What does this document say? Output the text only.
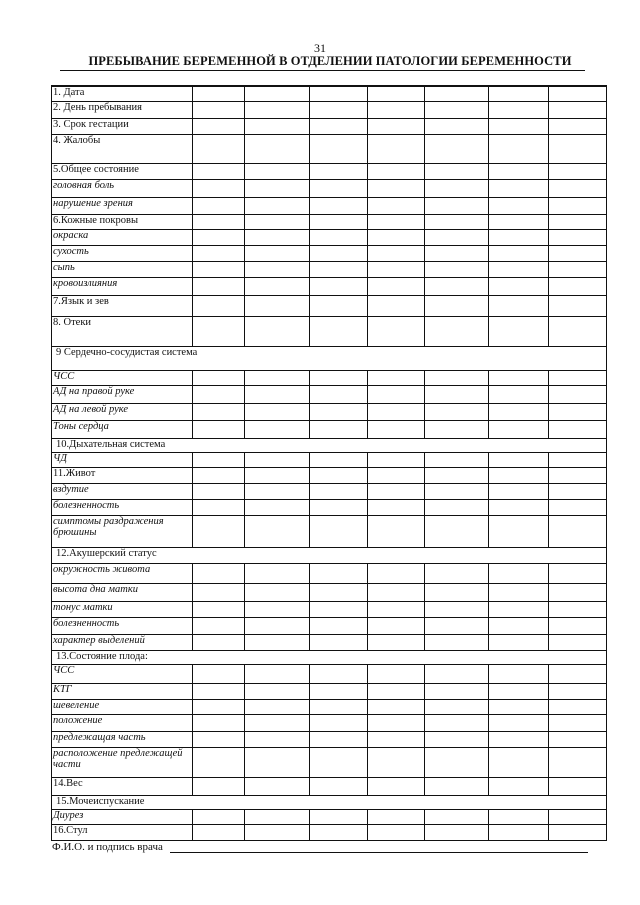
31
ПРЕБЫВАНИЕ БЕРЕМЕННОЙ В ОТДЕЛЕНИИ ПАТОЛОГИИ БЕРЕМЕННОСТИ
1. Дата							
2. День пребывания							
3. Срок гестации							
4. Жалобы							
5.Общее состояние							
головная боль							
нарушение зрения							
6.Кожные покровы							
окраска							
сухость							
сыпь							
кровоизлияния							
7.Язык и зев							
8. Отеки							
9 Сердечно-сосудистая система							
ЧСС							
АД на правой руке							
АД на левой руке							
Тоны сердца							
10.Дыхательная система							
ЧД							
11.Живот							
вздутие							
болезненность							
симптомы раздражения брюшины							
12.Акушерский статус							
окружность живота							
высота дна матки							
тонус матки							
болезненность							
характер выделений							
13.Состояние плода:							
ЧСС							
КТГ							
шевеление							
положение							
предлежащая часть							
расположение предлежащей части							
14.Вес							
15.Мочеиспускание							
Диурез							
16.Стул							
Ф.И.О. и подпись врача
